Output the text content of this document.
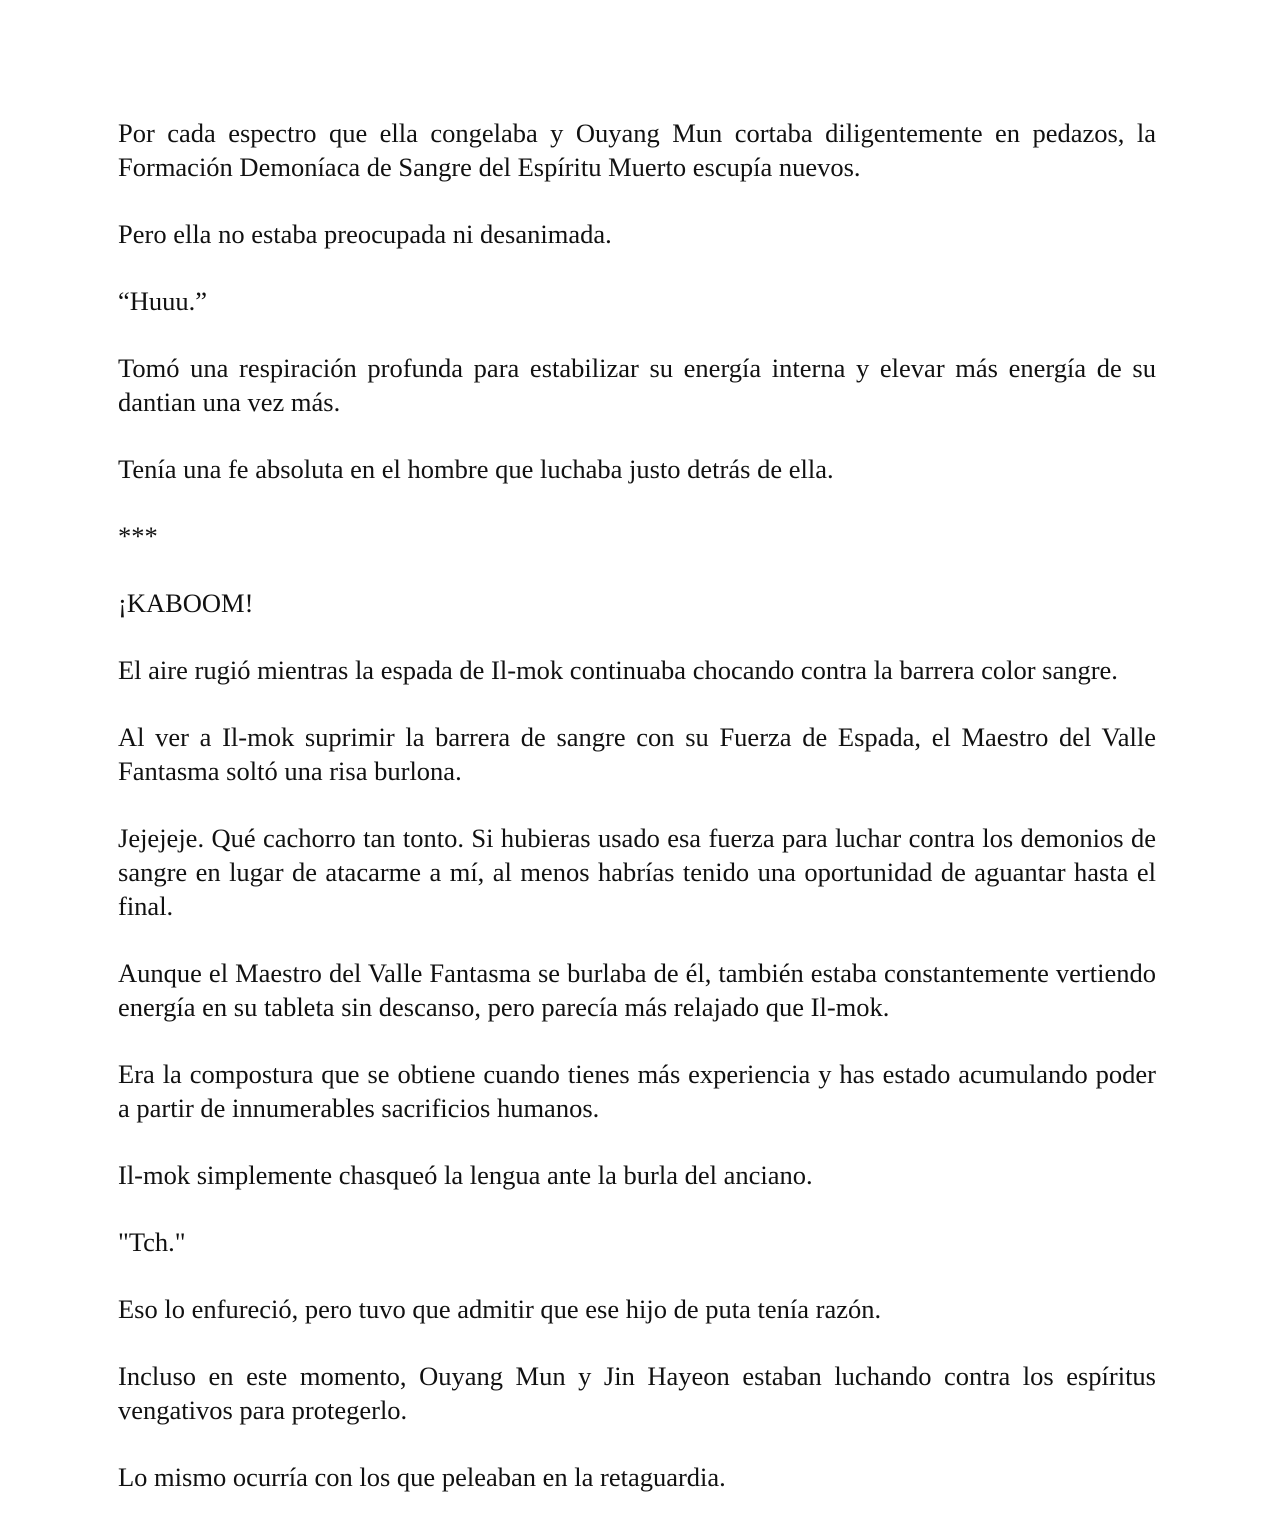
Por cada espectro que ella congelaba y Ouyang Mun cortaba diligentemente en pedazos, la Formación Demoníaca de Sangre del Espíritu Muerto escupía nuevos.

Pero ella no estaba preocupada ni desanimada.

“Huuu.”

Tomó una respiración profunda para estabilizar su energía interna y elevar más energía de su dantian una vez más.

Tenía una fe absoluta en el hombre que luchaba justo detrás de ella.

***

¡KABOOM!

El aire rugió mientras la espada de Il-mok continuaba chocando contra la barrera color sangre.

Al ver a Il-mok suprimir la barrera de sangre con su Fuerza de Espada, el Maestro del Valle Fantasma soltó una risa burlona.

Jejejeje. Qué cachorro tan tonto. Si hubieras usado esa fuerza para luchar contra los demonios de sangre en lugar de atacarme a mí, al menos habrías tenido una oportunidad de aguantar hasta el final.

Aunque el Maestro del Valle Fantasma se burlaba de él, también estaba constantemente vertiendo energía en su tableta sin descanso, pero parecía más relajado que Il-mok.

Era la compostura que se obtiene cuando tienes más experiencia y has estado acumulando poder a partir de innumerables sacrificios humanos.

Il-mok simplemente chasqueó la lengua ante la burla del anciano.

"Tch."

Eso lo enfureció, pero tuvo que admitir que ese hijo de puta tenía razón.

Incluso en este momento, Ouyang Mun y Jin Hayeon estaban luchando contra los espíritus vengativos para protegerlo.

Lo mismo ocurría con los que peleaban en la retaguardia.
